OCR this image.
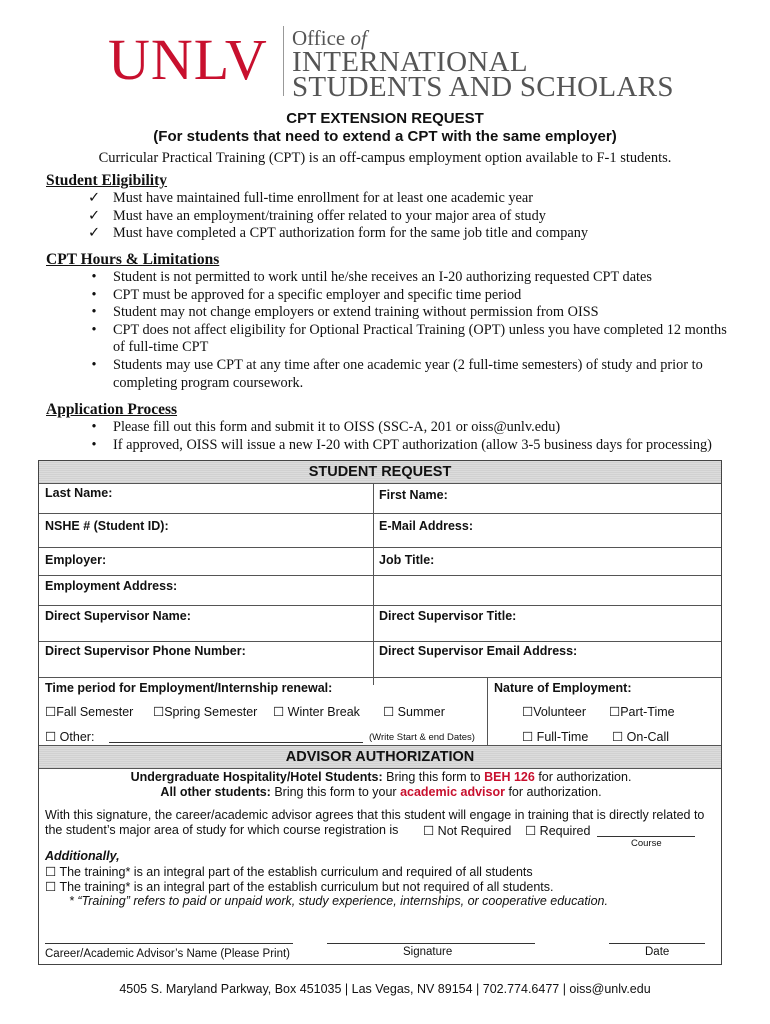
UNLV Office of
INTERNATIONAL
STUDENTS AND SCHOLARS
CPT EXTENSION REQUEST
(For students that need to extend a CPT with the same employer)
Curricular Practical Training (CPT) is an off-campus employment option available to F-1 students.
Student Eligibility
✓ Must have maintained full-time enrollment for at least one academic year
✓ Must have an employment/training offer related to your major area of study
✓ Must have completed a CPT authorization form for the same job title and company
CPT Hours & Limitations
•	Student is not permitted to work until he/she receives an I-20 authorizing requested CPT dates
•	CPT must be approved for a specific employer and specific time period
•	Student may not change employers or extend training without permission from OISS
•	CPT does not affect eligibility for Optional Practical Training (OPT) unless you have completed 12 months of full-time CPT
•	Students may use CPT at any time after one academic year (2 full-time semesters) of study and prior to completing program coursework.
Application Process
•	Please fill out this form and submit it to OISS (SSC-A, 201 or oiss@unlv.edu)
•	If approved, OISS will issue a new I-20 with CPT authorization (allow 3-5 business days for processing)
STUDENT REQUEST
Last Name:	First Name:
NSHE # (Student ID):	E-Mail Address:
Employer:	Job Title:
Employment Address:
Direct Supervisor Name:	Direct Supervisor Title:
Direct Supervisor Phone Number:	Direct Supervisor Email Address:
Time period for Employment/Internship renewal:	Nature of Employment:
☐Fall Semester ☐Spring Semester ☐ Winter Break ☐ Summer	☐Volunteer ☐Part-Time
☐ Other:	(Write Start & end Dates)	☐ Full-Time ☐ On-Call
ADVISOR AUTHORIZATION
Undergraduate Hospitality/Hotel Students: Bring this form to BEH 126 for authorization.
All other students: Bring this form to your academic advisor for authorization.
With this signature, the career/academic advisor agrees that this student will engage in training that is directly related to
the student’s major area of study for which course registration is ☐ Not Required ☐ Required
Course
Additionally,
☐ The training* is an integral part of the establish curriculum and required of all students
☐ The training* is an integral part of the establish curriculum but not required of all students.
* “Training” refers to paid or unpaid work, study experience, internships, or cooperative education.
Career/Academic Advisor’s Name (Please Print)	Signature	Date
4505 S. Maryland Parkway, Box 451035 | Las Vegas, NV 89154 | 702.774.6477 | oiss@unlv.edu
